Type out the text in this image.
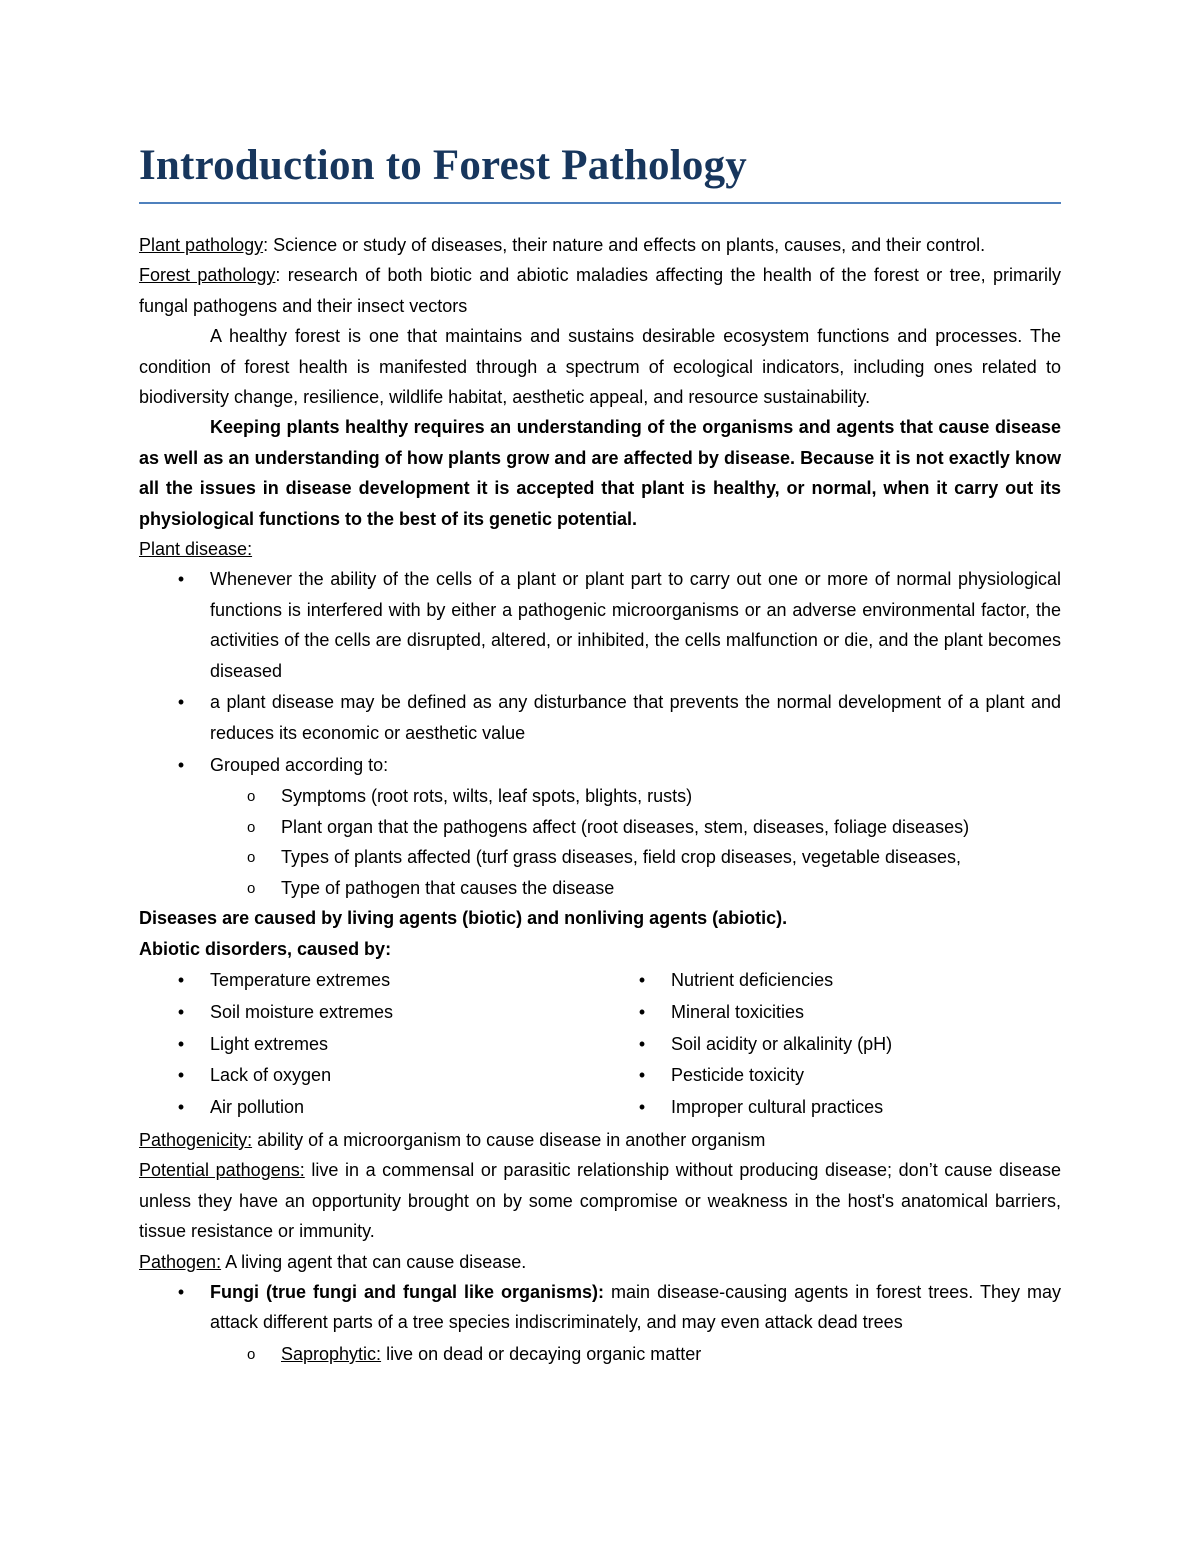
Introduction to Forest Pathology

Plant pathology: Science or study of diseases, their nature and effects on plants, causes, and their control.

Forest pathology: research of both biotic and abiotic maladies affecting the health of the forest or tree, primarily fungal pathogens and their insect vectors

A healthy forest is one that maintains and sustains desirable ecosystem functions and processes. The condition of forest health is manifested through a spectrum of ecological indicators, including ones related to biodiversity change, resilience, wildlife habitat, aesthetic appeal, and resource sustainability.

Keeping plants healthy requires an understanding of the organisms and agents that cause disease as well as an understanding of how plants grow and are affected by disease. Because it is not exactly know all the issues in disease development it is accepted that plant is healthy, or normal, when it carry out its physiological functions to the best of its genetic potential.

Plant disease:

• Whenever the ability of the cells of a plant or plant part to carry out one or more of normal physiological functions is interfered with by either a pathogenic microorganisms or an adverse environmental factor, the activities of the cells are disrupted, altered, or inhibited, the cells malfunction or die, and the plant becomes diseased
• a plant disease may be defined as any disturbance that prevents the normal development of a plant and reduces its economic or aesthetic value
• Grouped according to:
o Symptoms (root rots, wilts, leaf spots, blights, rusts)
o Plant organ that the pathogens affect (root diseases, stem, diseases, foliage diseases)
o Types of plants affected (turf grass diseases, field crop diseases, vegetable diseases,
o Type of pathogen that causes the disease

Diseases are caused by living agents (biotic) and nonliving agents (abiotic).

Abiotic disorders, caused by:

• Temperature extremes
• Soil moisture extremes
• Light extremes
• Lack of oxygen
• Air pollution
• Nutrient deficiencies
• Mineral toxicities
• Soil acidity or alkalinity (pH)
• Pesticide toxicity
• Improper cultural practices

Pathogenicity: ability of a microorganism to cause disease in another organism

Potential pathogens: live in a commensal or parasitic relationship without producing disease; don’t cause disease unless they have an opportunity brought on by some compromise or weakness in the host's anatomical barriers, tissue resistance or immunity.

Pathogen: A living agent that can cause disease.

• Fungi (true fungi and fungal like organisms): main disease-causing agents in forest trees. They may attack different parts of a tree species indiscriminately, and may even attack dead trees
o Saprophytic: live on dead or decaying organic matter
